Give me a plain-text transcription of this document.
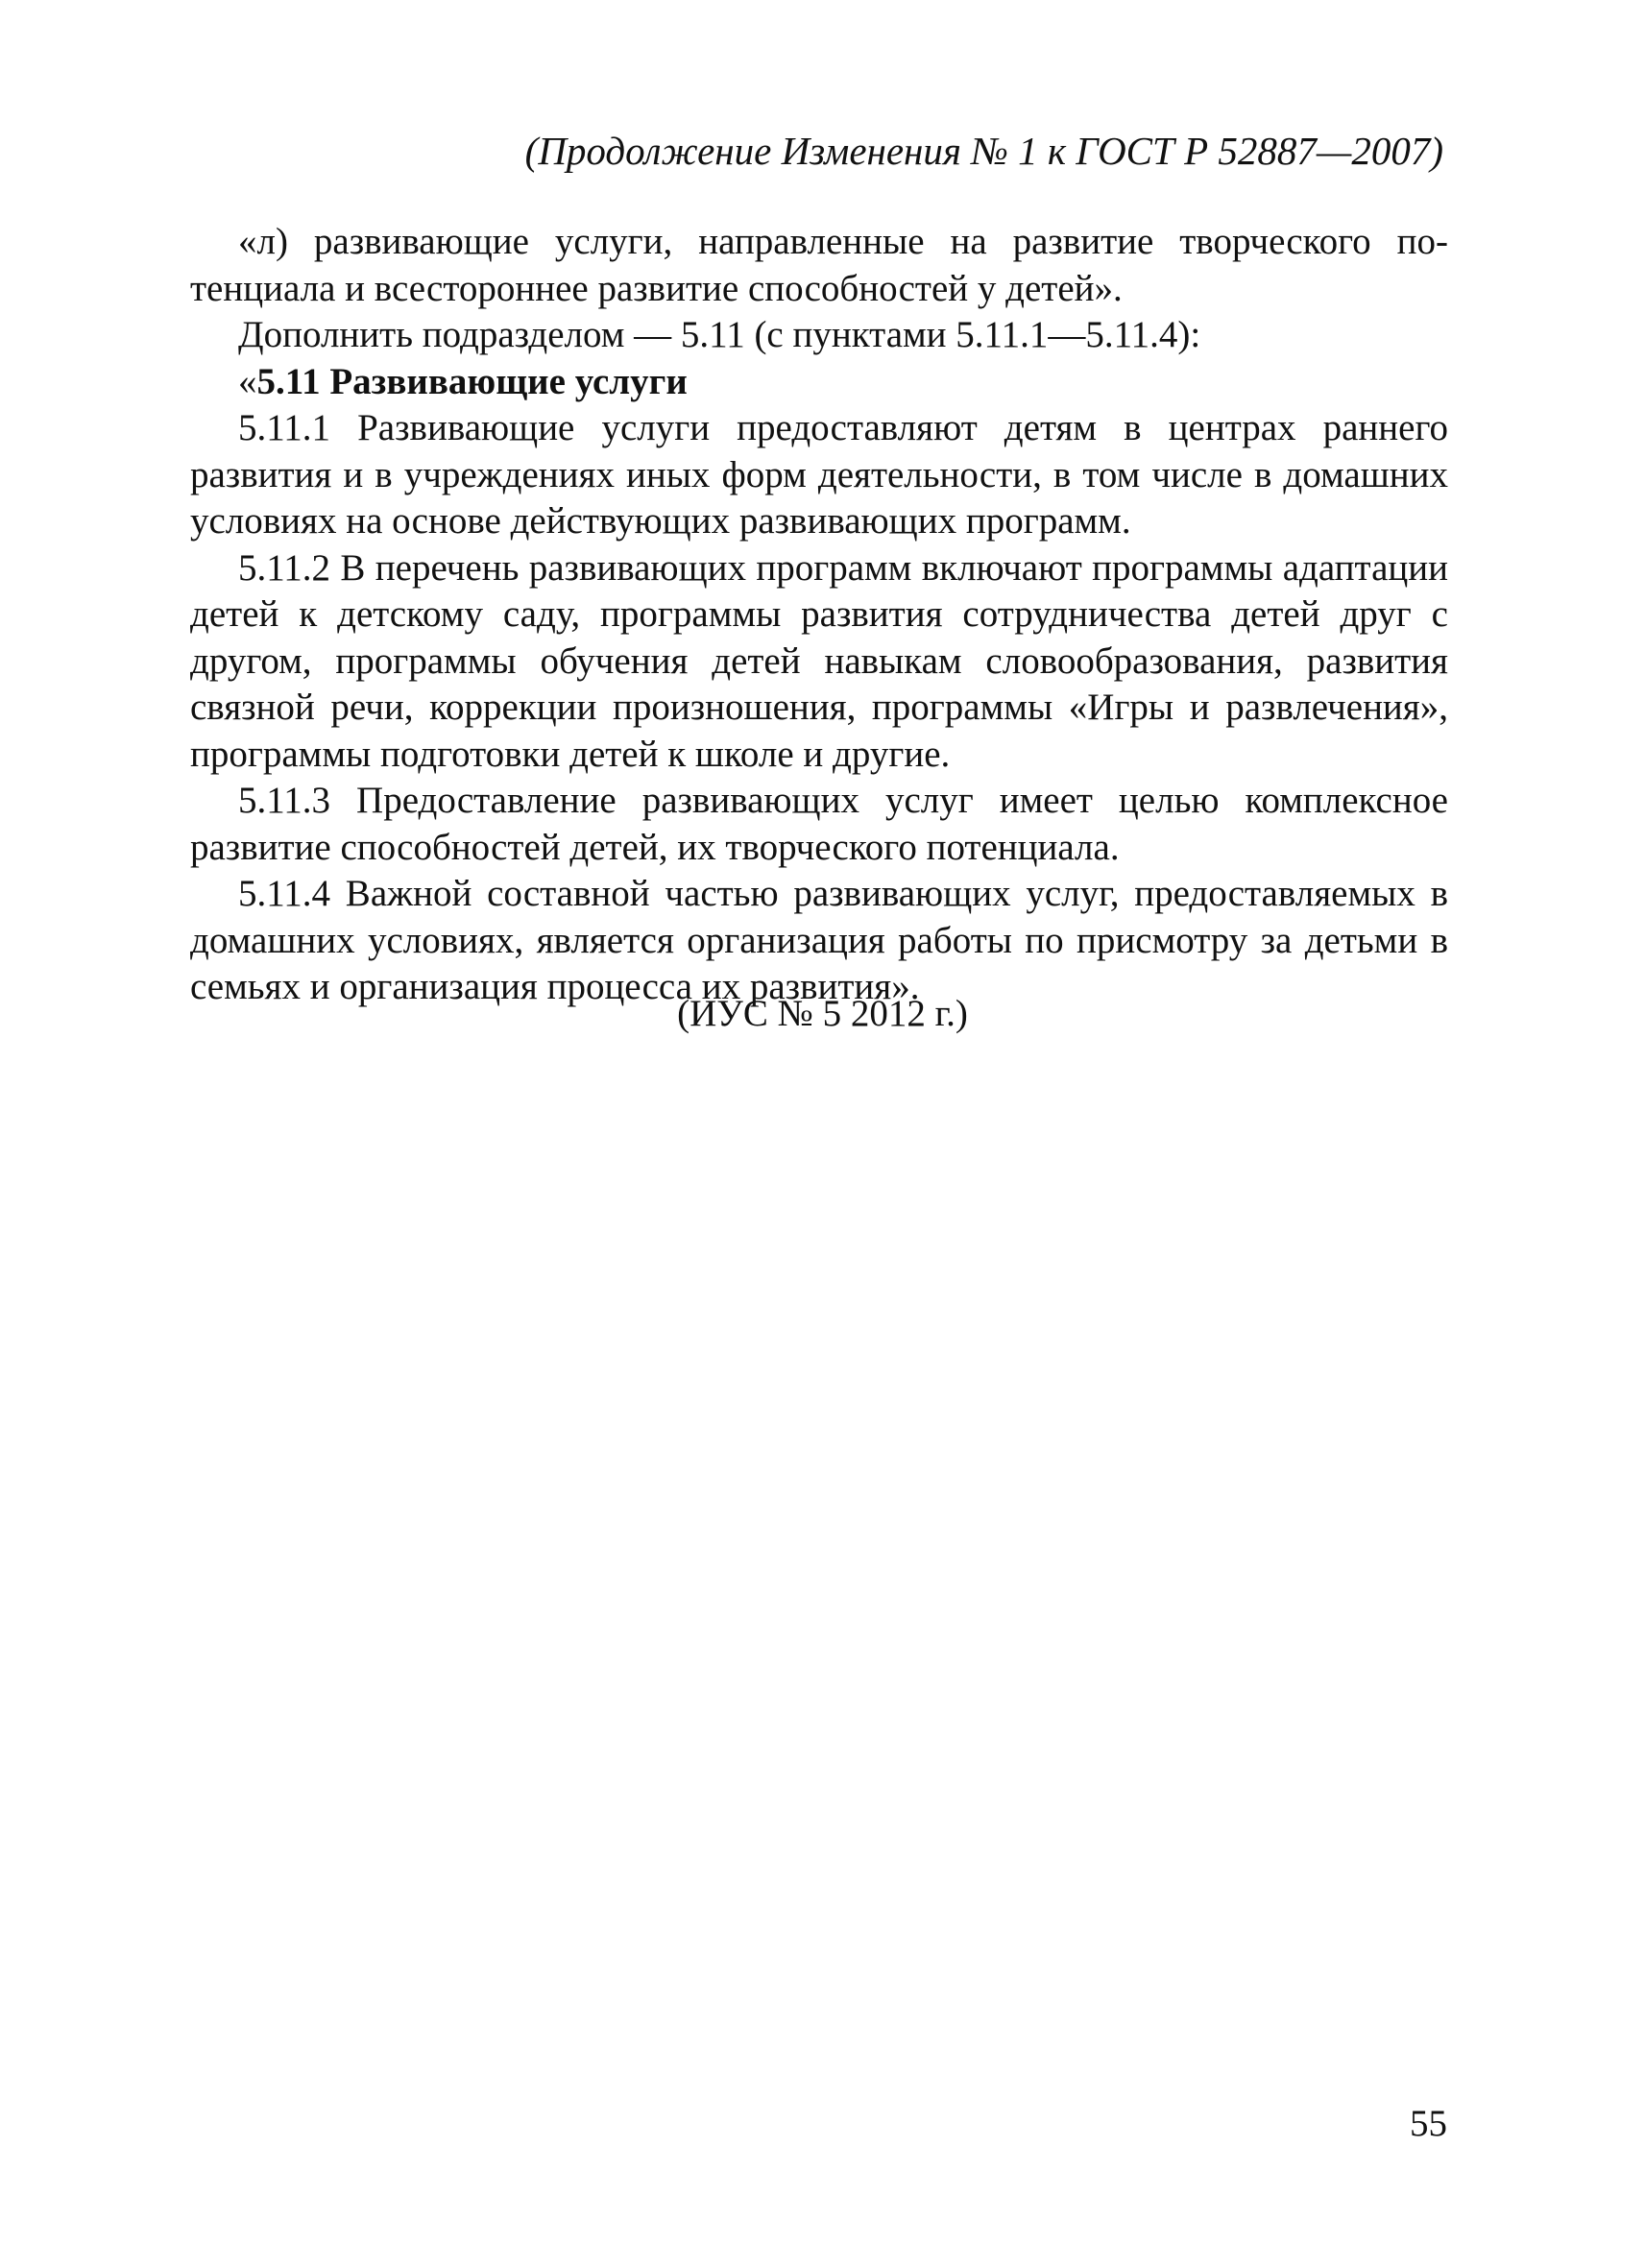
(Продолжение Изменения № 1 к ГОСТ Р 52887—2007)

«л) развивающие услуги, направленные на развитие творческого потенциала и всестороннее развитие способностей у детей».

Дополнить подразделом — 5.11 (с пунктами 5.11.1—5.11.4):

«5.11 Развивающие услуги

5.11.1 Развивающие услуги предоставляют детям в центрах раннего развития и в учреждениях иных форм деятельности, в том числе в домашних условиях на основе действующих развивающих программ.

5.11.2 В перечень развивающих программ включают программы адаптации детей к детскому саду, программы развития сотрудничества детей друг с другом, программы обучения детей навыкам словообразования, развития связной речи, коррекции произношения, программы «Игры и развлечения», программы подготовки детей к школе и другие.

5.11.3 Предоставление развивающих услуг имеет целью комплексное развитие способностей детей, их творческого потенциала.

5.11.4 Важной составной частью развивающих услуг, предоставляемых в домашних условиях, является организация работы по присмотру за детьми в семьях и организация процесса их развития».

(ИУС № 5 2012 г.)
55
